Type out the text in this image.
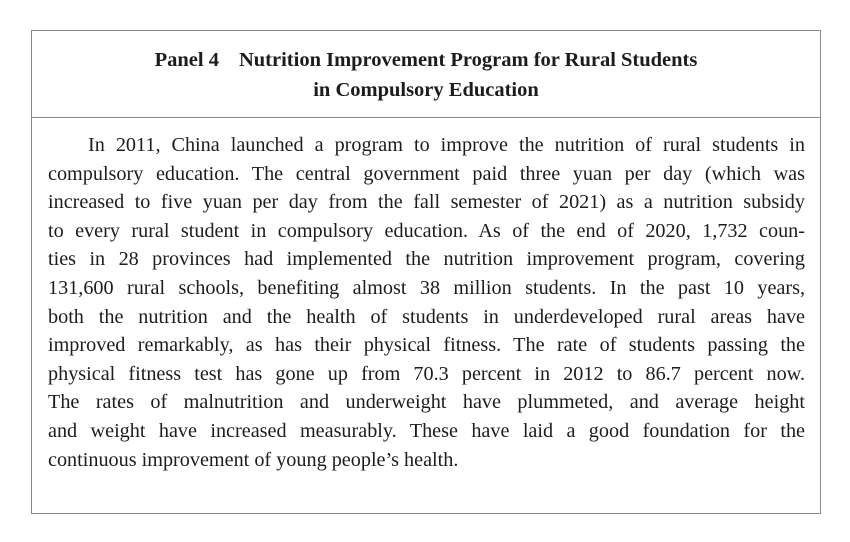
Panel 4 Nutrition Improvement Program for Rural Students
in Compulsory Education
In 2011, China launched a program to improve the nutrition of rural students in
compulsory education. The central government paid three yuan per day (which was
increased to five yuan per day from the fall semester of 2021) as a nutrition subsidy
to every rural student in compulsory education. As of the end of 2020, 1,732 coun-
ties in 28 provinces had implemented the nutrition improvement program, covering
131,600 rural schools, benefiting almost 38 million students. In the past 10 years,
both the nutrition and the health of students in underdeveloped rural areas have
improved remarkably, as has their physical fitness. The rate of students passing the
physical fitness test has gone up from 70.3 percent in 2012 to 86.7 percent now.
The rates of malnutrition and underweight have plummeted, and average height
and weight have increased measurably. These have laid a good foundation for the
continuous improvement of young people’s health.
